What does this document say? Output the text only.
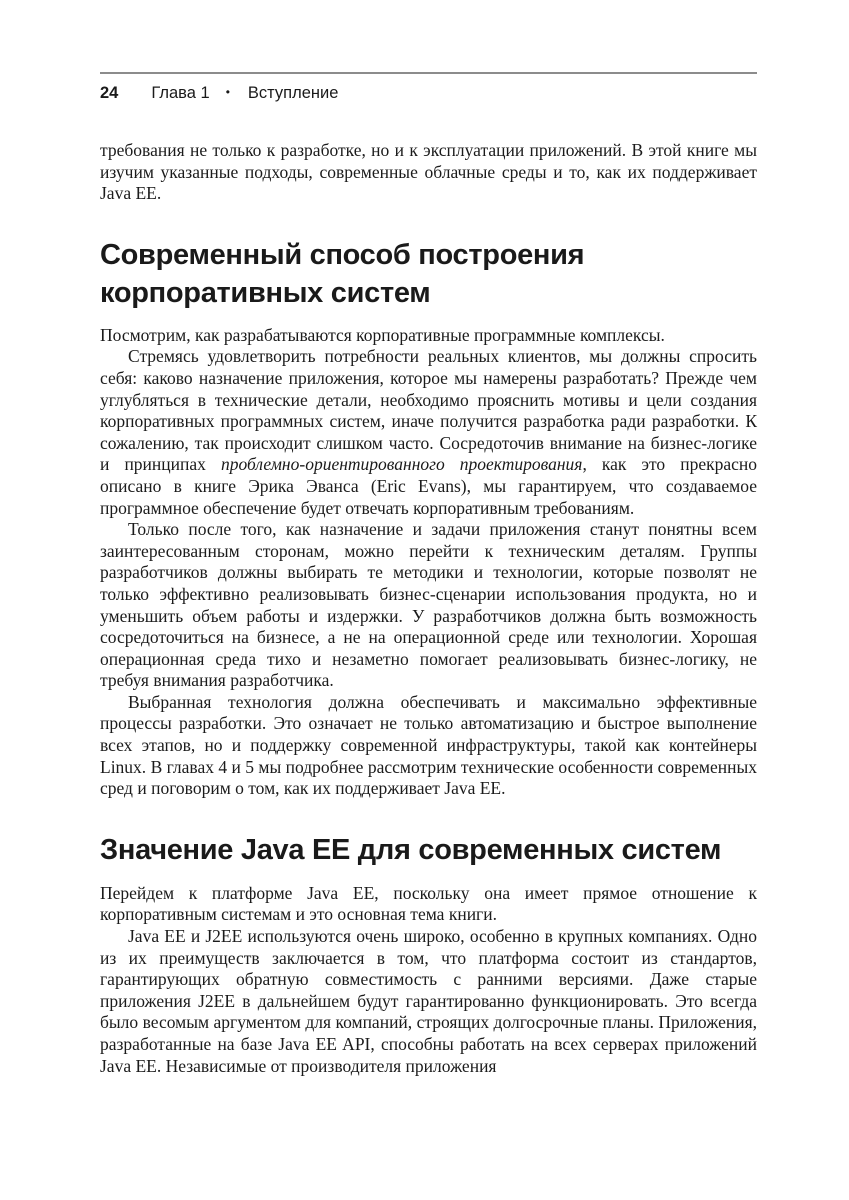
24 Глава 1 • Вступление

требования не только к разработке, но и к эксплуатации приложений. В этой книге мы изучим указанные подходы, современные облачные среды и то, как их поддерживает Java EE.

Современный способ построения
корпоративных систем

Посмотрим, как разрабатываются корпоративные программные комплексы.

Стремясь удовлетворить потребности реальных клиентов, мы должны спросить себя: каково назначение приложения, которое мы намерены разработать? Прежде чем углубляться в технические детали, необходимо прояснить мотивы и цели создания корпоративных программных систем, иначе получится разработка ради разработки. К сожалению, так происходит слишком часто. Сосредоточив внимание на бизнес-логике и принципах проблемно-ориентированного проектирования, как это прекрасно описано в книге Эрика Эванса (Eric Evans), мы гарантируем, что создаваемое программное обеспечение будет отвечать корпоративным требованиям.

Только после того, как назначение и задачи приложения станут понятны всем заинтересованным сторонам, можно перейти к техническим деталям. Группы разработчиков должны выбирать те методики и технологии, которые позволят не только эффективно реализовывать бизнес-сценарии использования продукта, но и уменьшить объем работы и издержки. У разработчиков должна быть возможность сосредоточиться на бизнесе, а не на операционной среде или технологии. Хорошая операционная среда тихо и незаметно помогает реализовывать бизнес-логику, не требуя внимания разработчика.

Выбранная технология должна обеспечивать и максимально эффективные процессы разработки. Это означает не только автоматизацию и быстрое выполнение всех этапов, но и поддержку современной инфраструктуры, такой как контейнеры Linux. В главах 4 и 5 мы подробнее рассмотрим технические особенности современных сред и поговорим о том, как их поддерживает Java EE.

Значение Java EE для современных систем

Перейдем к платформе Java EE, поскольку она имеет прямое отношение к корпоративным системам и это основная тема книги.

Java EE и J2EE используются очень широко, особенно в крупных компаниях. Одно из их преимуществ заключается в том, что платформа состоит из стандартов, гарантирующих обратную совместимость с ранними версиями. Даже старые приложения J2EE в дальнейшем будут гарантированно функционировать. Это всегда было весомым аргументом для компаний, строящих долгосрочные планы. Приложения, разработанные на базе Java EE API, способны работать на всех серверах приложений Java EE. Независимые от производителя приложения
